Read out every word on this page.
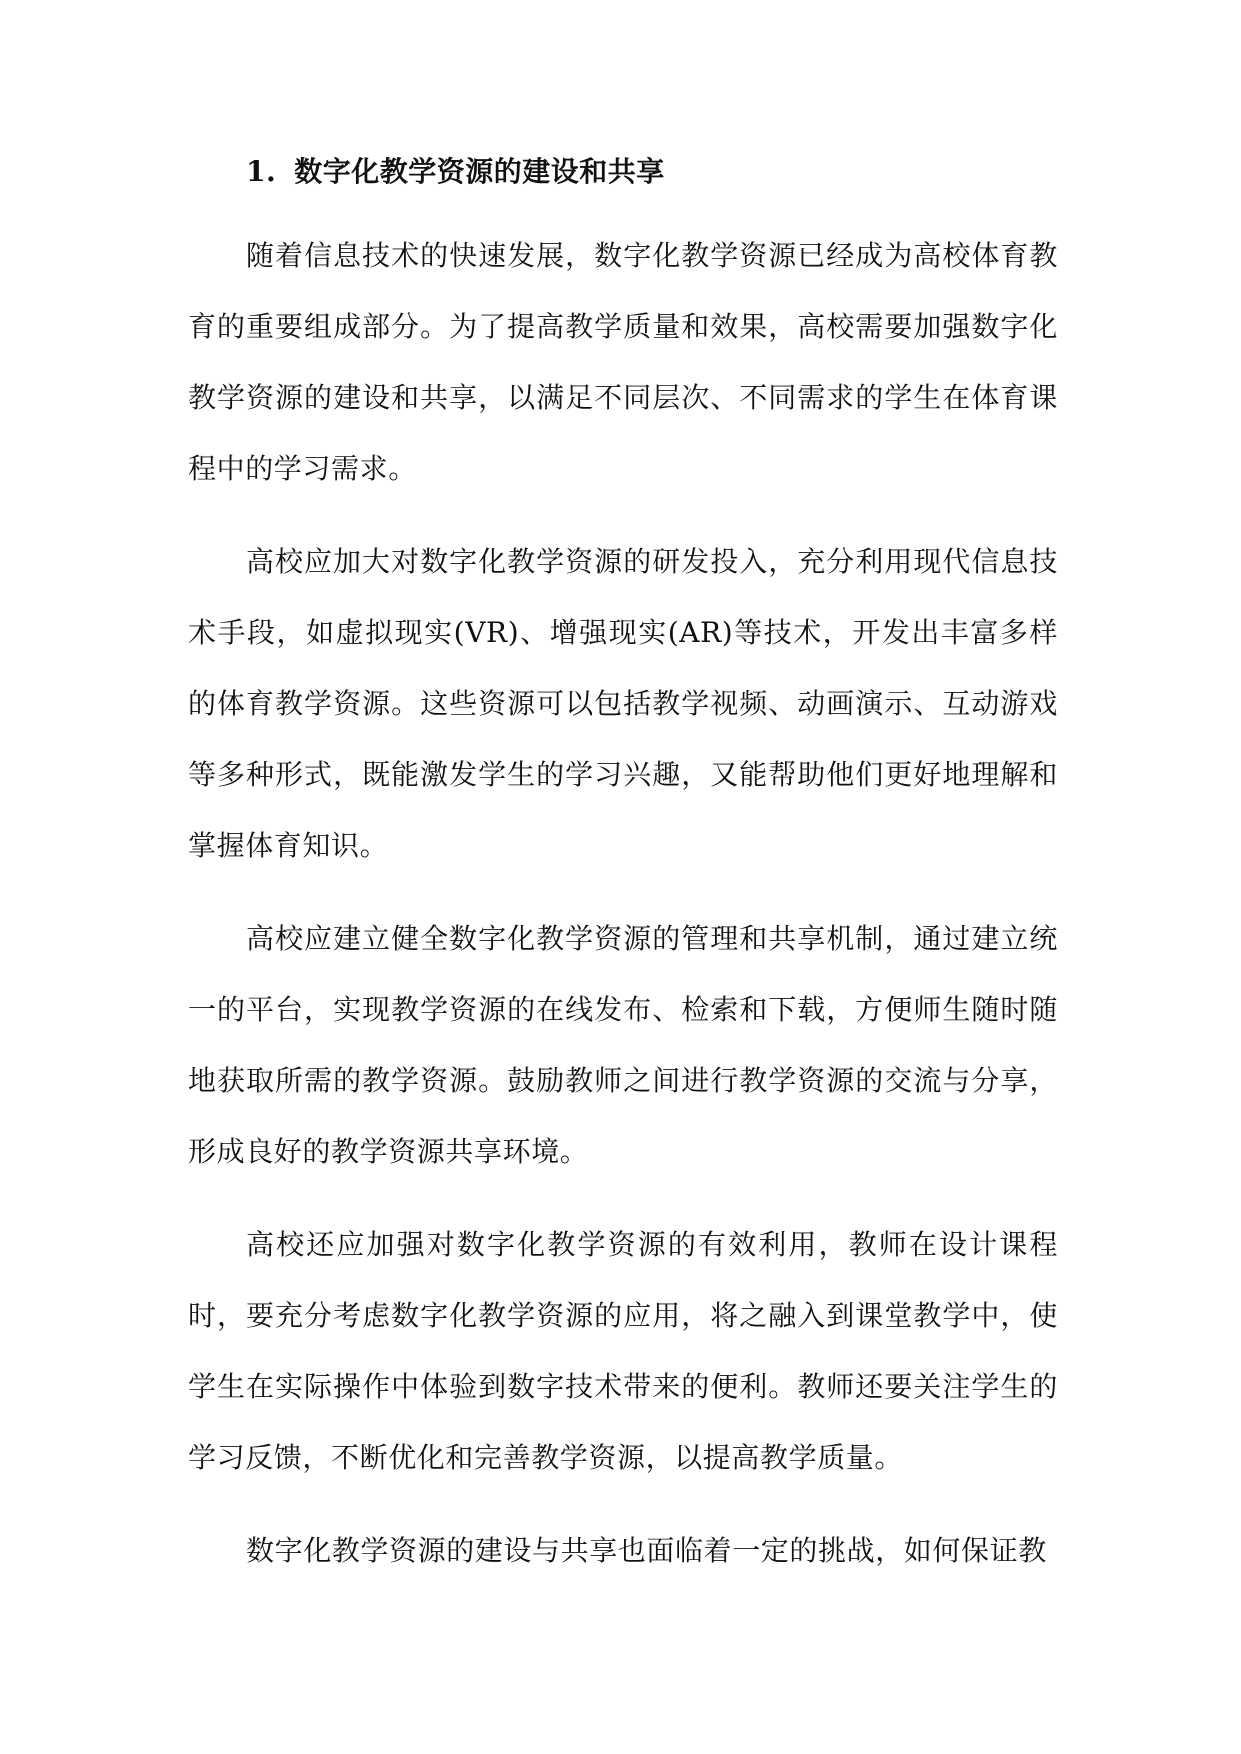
1. 数字化教学资源的建设和共享

随着信息技术的快速发展，数字化教学资源已经成为高校体育教育的重要组成部分。为了提高教学质量和效果，高校需要加强数字化教学资源的建设和共享，以满足不同层次、不同需求的学生在体育课程中的学习需求。

高校应加大对数字化教学资源的研发投入，充分利用现代信息技术手段，如虚拟现实(VR)、增强现实(AR)等技术，开发出丰富多样的体育教学资源。这些资源可以包括教学视频、动画演示、互动游戏等多种形式，既能激发学生的学习兴趣，又能帮助他们更好地理解和掌握体育知识。

高校应建立健全数字化教学资源的管理和共享机制，通过建立统一的平台，实现教学资源的在线发布、检索和下载，方便师生随时随地获取所需的教学资源。鼓励教师之间进行教学资源的交流与分享，形成良好的教学资源共享环境。

高校还应加强对数字化教学资源的有效利用，教师在设计课程时，要充分考虑数字化教学资源的应用，将之融入到课堂教学中，使学生在实际操作中体验到数字技术带来的便利。教师还要关注学生的学习反馈，不断优化和完善教学资源，以提高教学质量。

数字化教学资源的建设与共享也面临着一定的挑战，如何保证教
